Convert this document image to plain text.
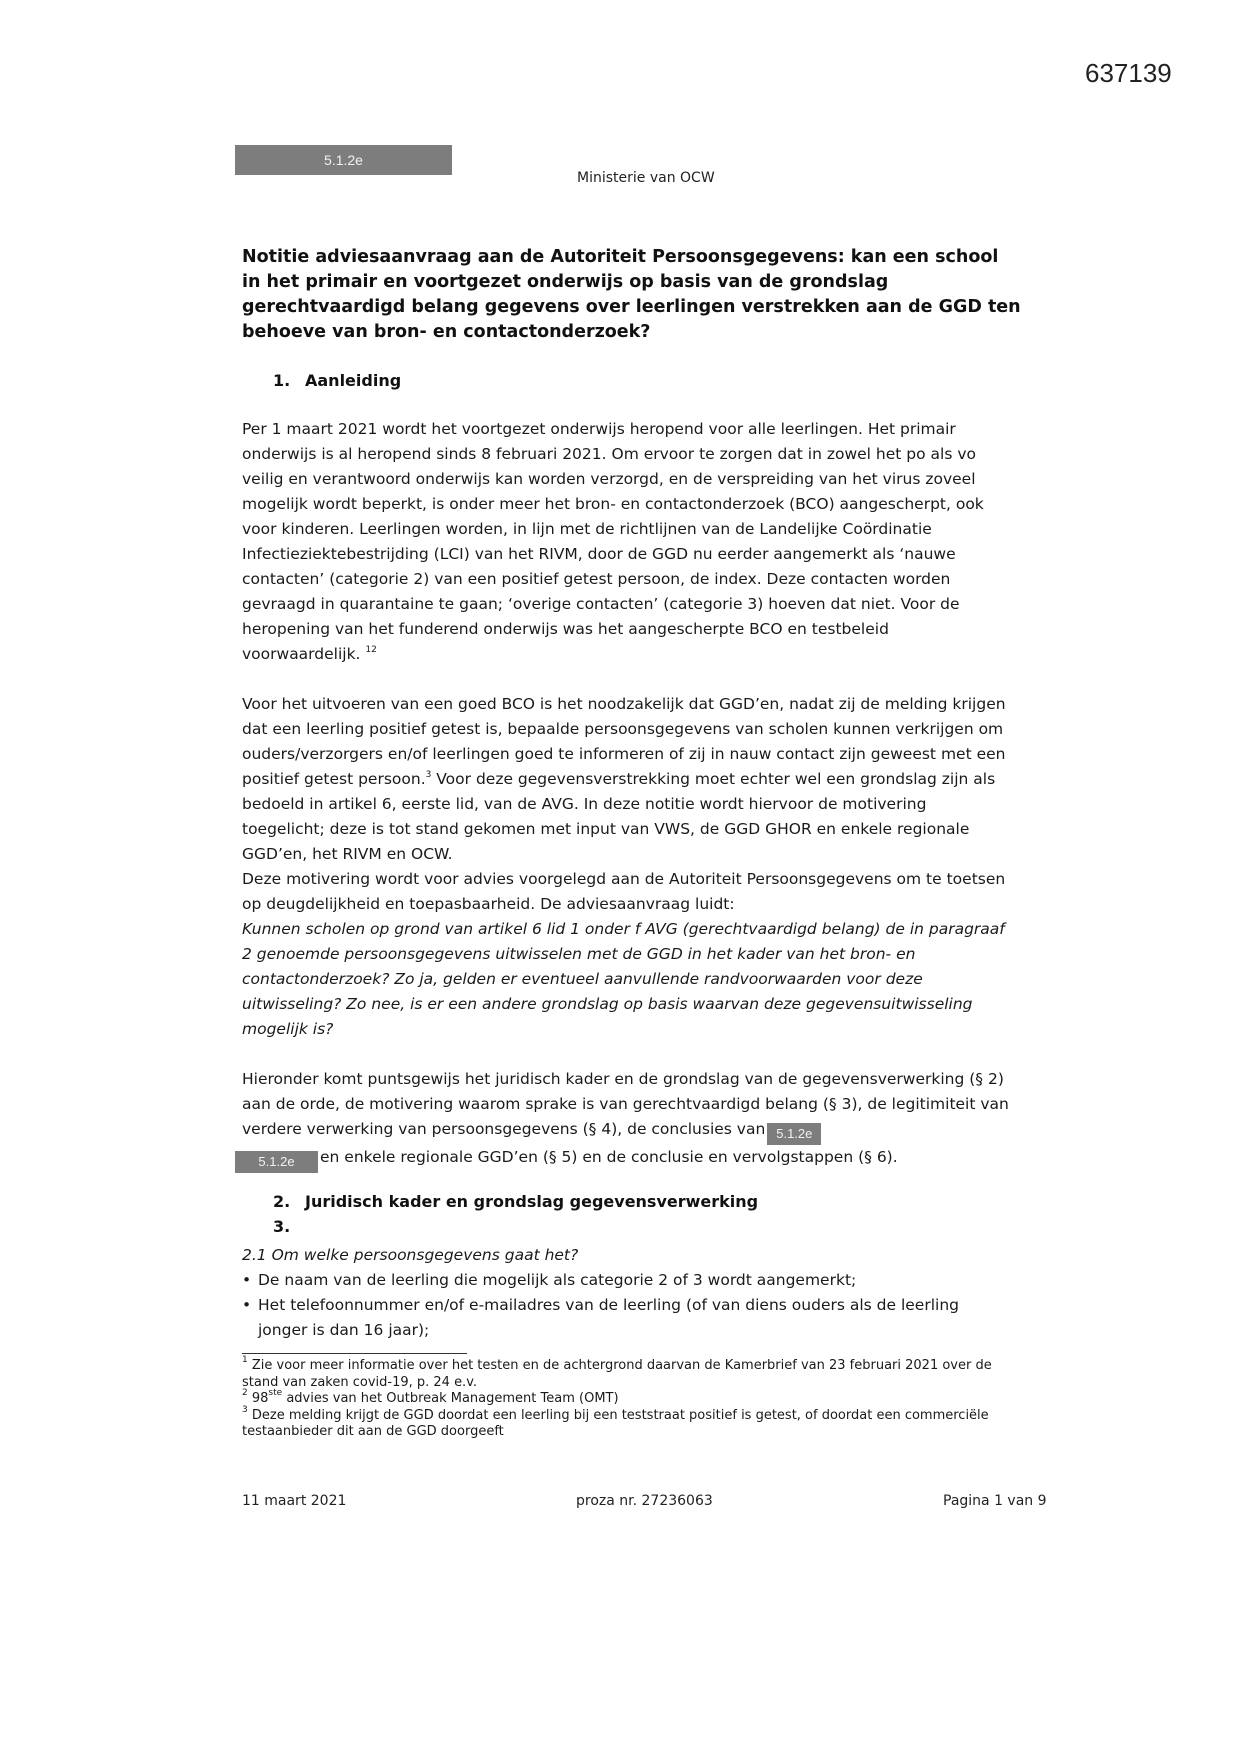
637139
5.1.2e
Ministerie van OCW
Notitie adviesaanvraag aan de Autoriteit Persoonsgegevens: kan een school in het primair en voortgezet onderwijs op basis van de grondslag gerechtvaardigd belang gegevens over leerlingen verstrekken aan de GGD ten behoeve van bron- en contactonderzoek?
1. Aanleiding

Per 1 maart 2021 wordt het voortgezet onderwijs heropend voor alle leerlingen. Het primair onderwijs is al heropend sinds 8 februari 2021. Om ervoor te zorgen dat in zowel het po als vo veilig en verantwoord onderwijs kan worden verzorgd, en de verspreiding van het virus zoveel mogelijk wordt beperkt, is onder meer het bron- en contactonderzoek (BCO) aangescherpt, ook voor kinderen. Leerlingen worden, in lijn met de richtlijnen van de Landelijke Coördinatie Infectieziektebestrijding (LCI) van het RIVM, door de GGD nu eerder aangemerkt als ‘nauwe contacten’ (categorie 2) van een positief getest persoon, de index. Deze contacten worden gevraagd in quarantaine te gaan; ‘overige contacten’ (categorie 3) hoeven dat niet. Voor de heropening van het funderend onderwijs was het aangescherpte BCO en testbeleid voorwaardelijk. $^{12}$

Voor het uitvoeren van een goed BCO is het noodzakelijk dat GGD’en, nadat zij de melding krijgen dat een leerling positief getest is, bepaalde persoonsgegevens van scholen kunnen verkrijgen om ouders/verzorgers en/of leerlingen goed te informeren of zij in nauw contact zijn geweest met een positief getest persoon.$^3$ Voor deze gegevensverstrekking moet echter wel een grondslag zijn als bedoeld in artikel 6, eerste lid, van de AVG. In deze notitie wordt hiervoor de motivering toegelicht; deze is tot stand gekomen met input van VWS, de GGD GHOR en enkele regionale GGD’en, het RIVM en OCW.

Deze motivering wordt voor advies voorgelegd aan de Autoriteit Persoonsgegevens om te toetsen op deugdelijkheid en toepasbaarheid. De adviesaanvraag luidt:

Kunnen scholen op grond van artikel 6 lid 1 onder f AVG (gerechtvaardigd belang) de in paragraaf 2 genoemde persoonsgegevens uitwisselen met de GGD in het kader van het bron- en contactonderzoek? Zo ja, gelden er eventueel aanvullende randvoorwaarden voor deze uitwisseling? Zo nee, is er een andere grondslag op basis waarvan deze gegevensuitwisseling mogelijk is?

Hieronder komt puntsgewijs het juridisch kader en de grondslag van de gegevensverwerking (§ 2) aan de orde, de motivering waarom sprake is van gerechtvaardigd belang (§ 3), de legitimiteit van verdere verwerking van persoonsgegevens (§ 4), de conclusies van 5.1.2e
5.1.2e en enkele regionale GGD’en (§ 5) en de conclusie en vervolgstappen (§ 6).

2. Juridisch kader en grondslag gegevensverwerking
3.
2.1 Om welke persoonsgegevens gaat het?
• De naam van de leerling die mogelijk als categorie 2 of 3 wordt aangemerkt;
• Het telefoonnummer en/of e-mailadres van de leerling (of van diens ouders als de leerling jonger is dan 16 jaar);
$^1$ Zie voor meer informatie over het testen en de achtergrond daarvan de Kamerbrief van 23 februari 2021 over de stand van zaken covid-19, p. 24 e.v.
$^2$ 98ste advies van het Outbreak Management Team (OMT)
$^3$ Deze melding krijgt de GGD doordat een leerling bij een teststraat positief is getest, of doordat een commerciële testaanbieder dit aan de GGD doorgeeft
11 maart 2021	proza nr. 27236063	Pagina 1 van 9
